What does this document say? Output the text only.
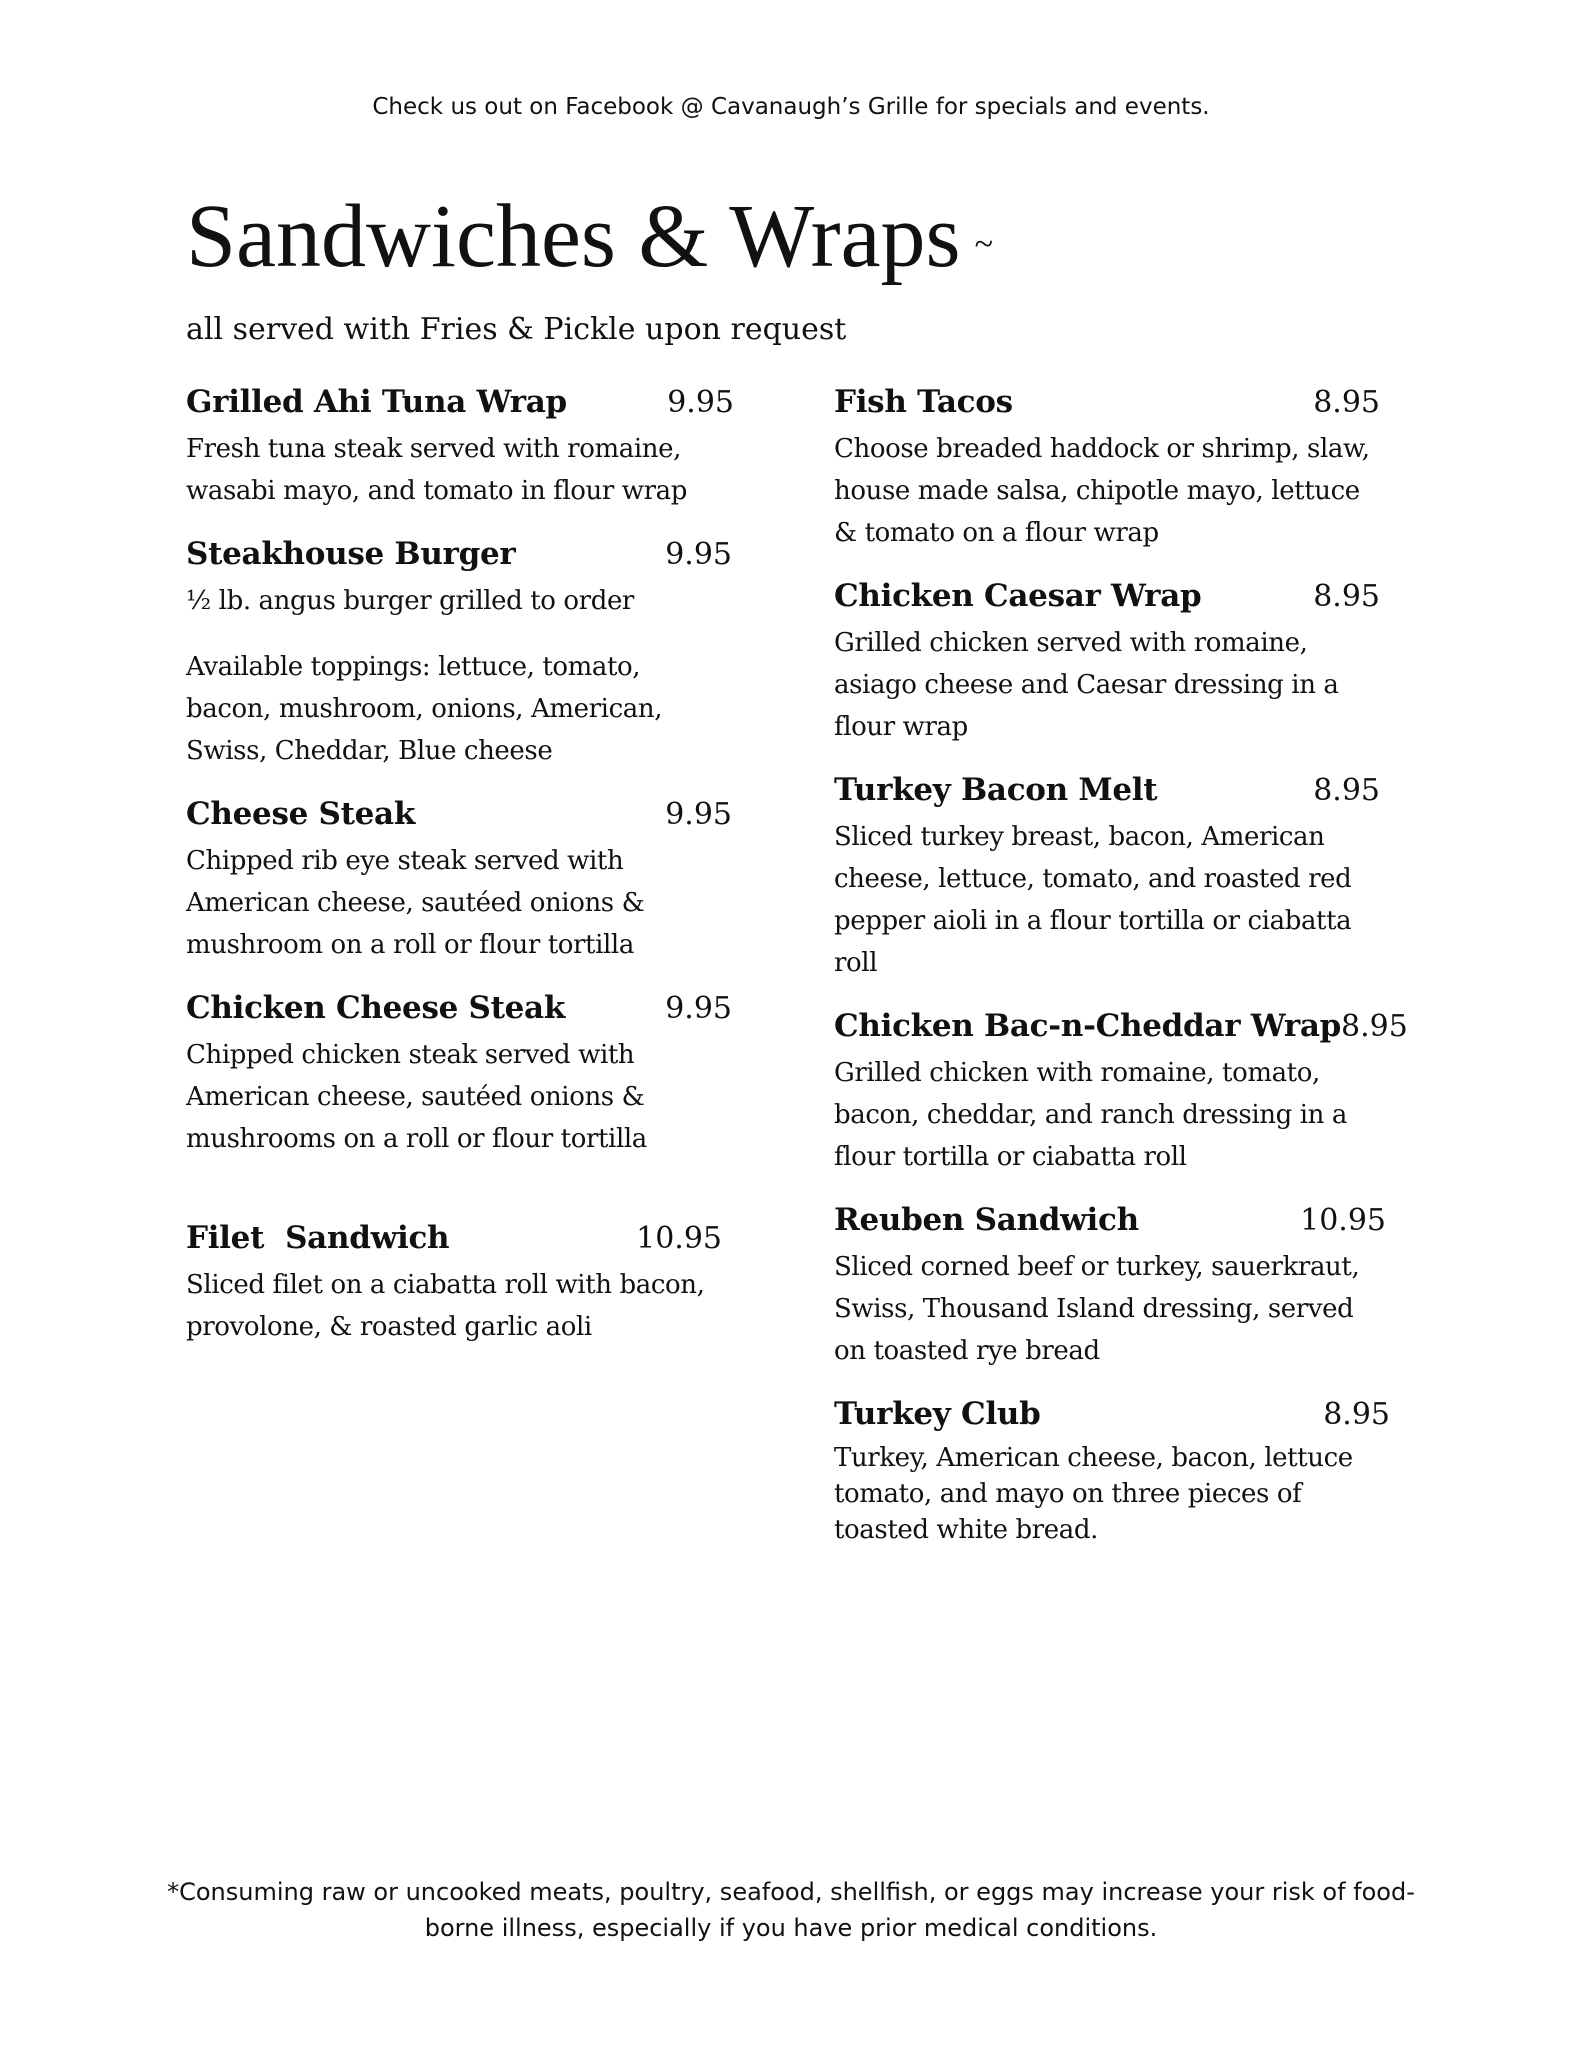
Check us out on Facebook @ Cavanaugh’s Grille for specials and events.
Sandwiches & Wraps ~
all served with Fries & Pickle upon request
Grilled Ahi Tuna Wrap	9.95
Fresh tuna steak served with romaine,
wasabi mayo, and tomato in flour wrap
Steakhouse Burger	9.95
½ lb. angus burger grilled to order
Available toppings: lettuce, tomato,
bacon, mushroom, onions, American,
Swiss, Cheddar, Blue cheese
Cheese Steak	9.95
Chipped rib eye steak served with
American cheese, sautéed onions &
mushroom on a roll or flour tortilla
Chicken Cheese Steak	9.95
Chipped chicken steak served with
American cheese, sautéed onions &
mushrooms on a roll or flour tortilla
Filet  Sandwich	10.95
Sliced filet on a ciabatta roll with bacon,
provolone, & roasted garlic aoli
Fish Tacos	8.95
Choose breaded haddock or shrimp, slaw,
house made salsa, chipotle mayo, lettuce
& tomato on a flour wrap
Chicken Caesar Wrap	8.95
Grilled chicken served with romaine,
asiago cheese and Caesar dressing in a
flour wrap
Turkey Bacon Melt	8.95
Sliced turkey breast, bacon, American
cheese, lettuce, tomato, and roasted red
pepper aioli in a flour tortilla or ciabatta
roll
Chicken Bac-n-Cheddar Wrap 8.95
Grilled chicken with romaine, tomato,
bacon, cheddar, and ranch dressing in a
flour tortilla or ciabatta roll
Reuben Sandwich	10.95
Sliced corned beef or turkey, sauerkraut,
Swiss, Thousand Island dressing, served
on toasted rye bread
Turkey Club	8.95
Turkey, American cheese, bacon, lettuce
tomato, and mayo on three pieces of
toasted white bread.
*Consuming raw or uncooked meats, poultry, seafood, shellfish, or eggs may increase your risk of food-
borne illness, especially if you have prior medical conditions.
